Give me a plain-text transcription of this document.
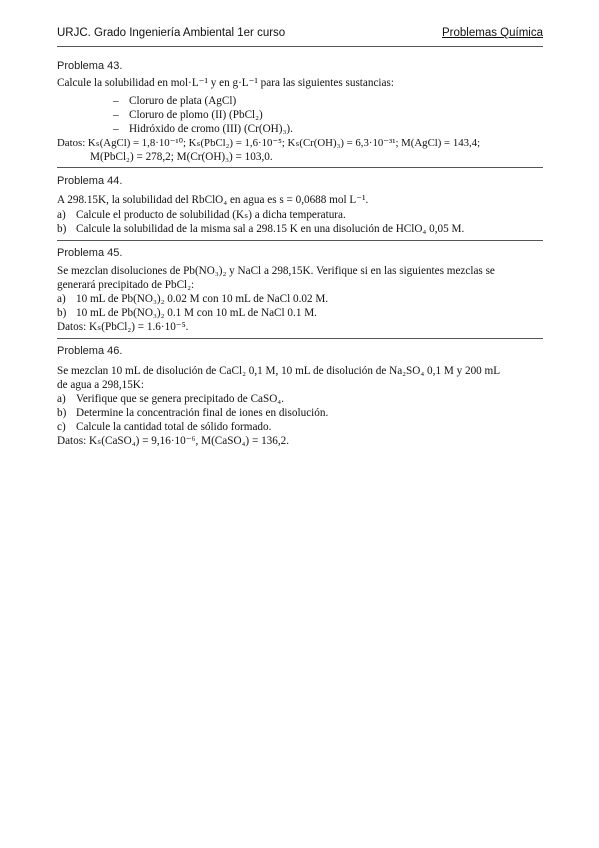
URJC. Grado Ingeniería Ambiental 1er curso	Problemas Química
Problema 43.
Calcule la solubilidad en mol·L⁻¹ y en g·L⁻¹ para las siguientes sustancias:
– Cloruro de plata (AgCl)
– Cloruro de plomo (II) (PbCl₂)
– Hidróxido de cromo (III) (Cr(OH)₃).
Datos: Kₛ(AgCl) = 1,8·10⁻¹⁰; Kₛ(PbCl₂) = 1,6·10⁻⁵; Kₛ(Cr(OH)₃) = 6,3·10⁻³¹; M(AgCl) = 143,4;
M(PbCl₂) = 278,2; M(Cr(OH)₃) = 103,0.
Problema 44.
A 298.15K, la solubilidad del RbClO₄ en agua es s = 0,0688 mol L⁻¹.
a) Calcule el producto de solubilidad (Kₛ) a dicha temperatura.
b) Calcule la solubilidad de la misma sal a 298.15 K en una disolución de HClO₄ 0,05 M.
Problema 45.
Se mezclan disoluciones de Pb(NO₃)₂ y NaCl a 298,15K. Verifique si en las siguientes mezclas se
generará precipitado de PbCl₂:
a) 10 mL de Pb(NO₃)₂ 0.02 M con 10 mL de NaCl 0.02 M.
b) 10 mL de Pb(NO₃)₂ 0.1 M con 10 mL de NaCl 0.1 M.
Datos: Kₛ(PbCl₂) = 1.6·10⁻⁵.
Problema 46.
Se mezclan 10 mL de disolución de CaCl₂ 0,1 M, 10 mL de disolución de Na₂SO₄ 0,1 M y 200 mL
de agua a 298,15K:
a) Verifique que se genera precipitado de CaSO₄.
b) Determine la concentración final de iones en disolución.
c) Calcule la cantidad total de sólido formado.
Datos: Kₛ(CaSO₄) = 9,16·10⁻⁶, M(CaSO₄) = 136,2.
